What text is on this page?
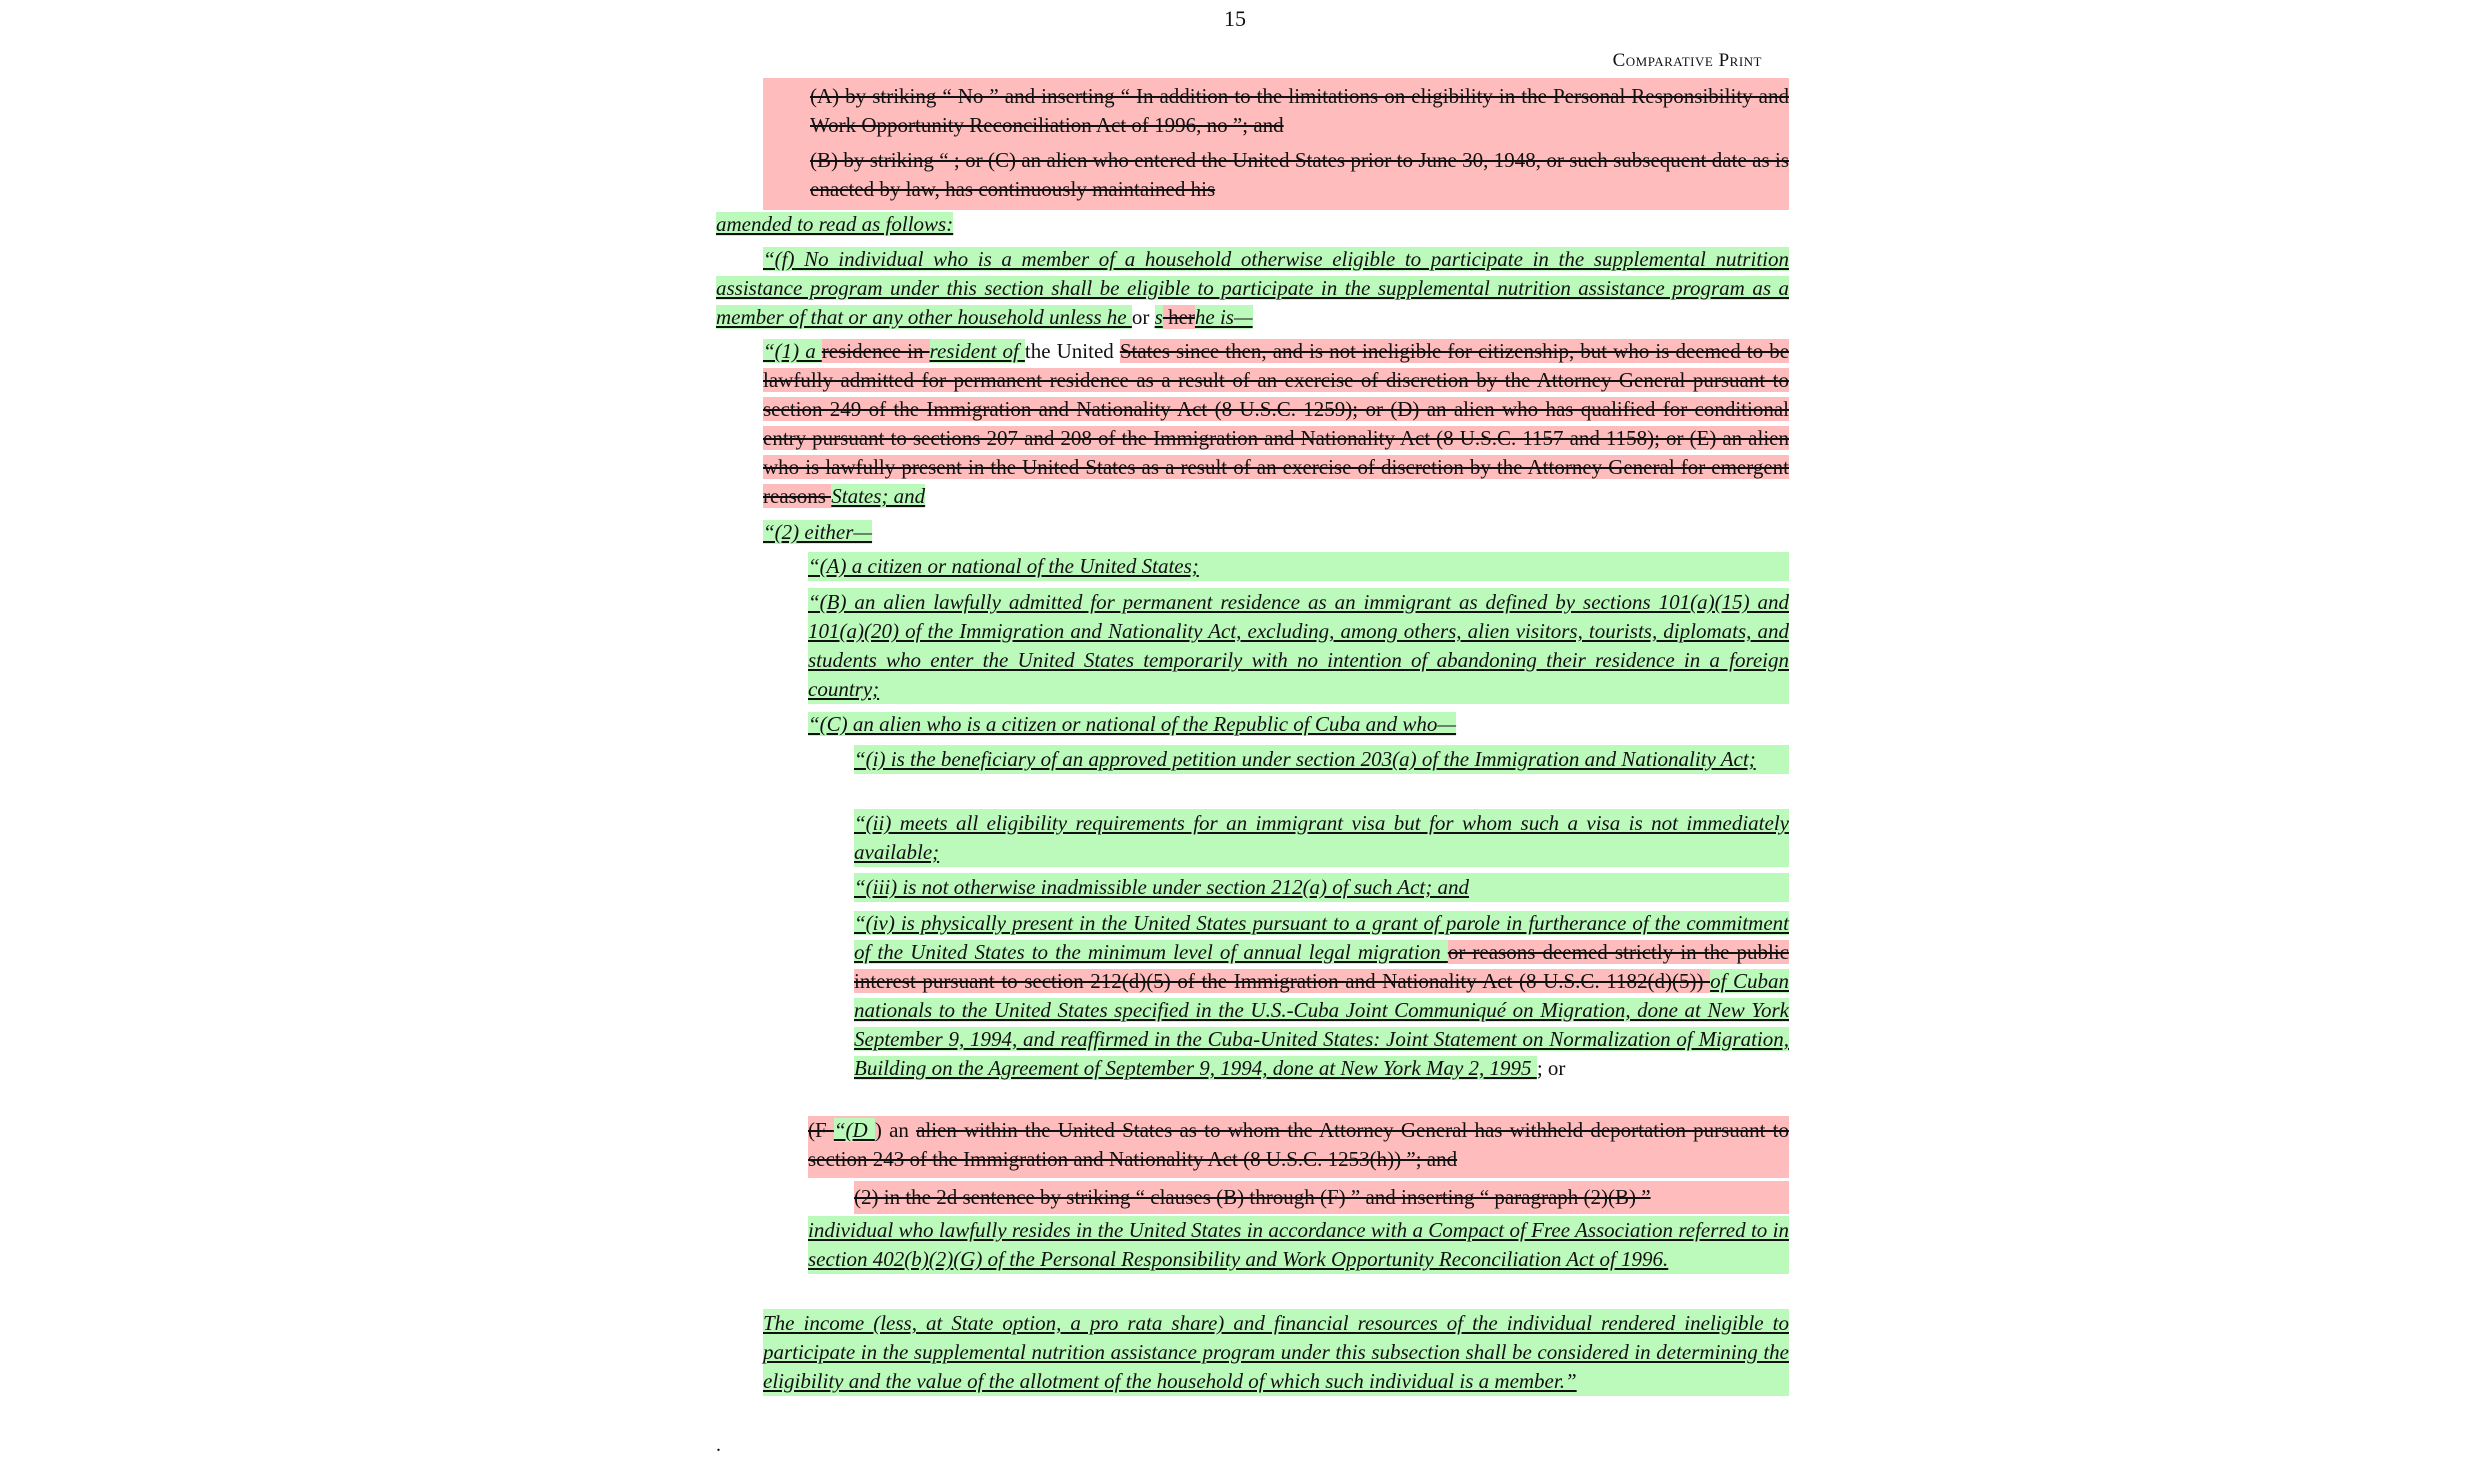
15
Comparative Print

(A) by striking “ No ” and inserting “ In addition to the limitations on eligibility in the Personal Responsibility and Work Opportunity Reconciliation Act of 1996, no ”; and

(B) by striking “ ; or (C) an alien who entered the United States prior to June 30, 1948, or such subsequent date as is enacted by law, has continuously maintained his

amended to read as follows:

“(f) No individual who is a member of a household otherwise eligible to participate in the supplemental nutrition assistance program under this section shall be eligible to participate in the supplemental nutrition assistance program as a member of that or any other household unless he or s herhe is—

“(1) a residence in resident of the United States since then, and is not ineligible for citizenship, but who is deemed to be lawfully admitted for permanent residence as a result of an exercise of discretion by the Attorney General pursuant to section 249 of the Immigration and Nationality Act (8 U.S.C. 1259); or (D) an alien who has qualified for conditional entry pursuant to sections 207 and 208 of the Immigration and Nationality Act (8 U.S.C. 1157 and 1158); or (E) an alien who is lawfully present in the United States as a result of an exercise of discretion by the Attorney General for emergent reasons States; and

“(2) either—

“(A) a citizen or national of the United States;

“(B) an alien lawfully admitted for permanent residence as an immigrant as defined by sections 101(a)(15) and 101(a)(20) of the Immigration and Nationality Act, excluding, among others, alien visitors, tourists, diplomats, and students who enter the United States temporarily with no intention of abandoning their residence in a foreign country;

“(C) an alien who is a citizen or national of the Republic of Cuba and who—

“(i) is the beneficiary of an approved petition under section 203(a) of the Immigration and Nationality Act;

“(ii) meets all eligibility requirements for an immigrant visa but for whom such a visa is not immediately available;

“(iii) is not otherwise inadmissible under section 212(a) of such Act; and

“(iv) is physically present in the United States pursuant to a grant of parole in furtherance of the commitment of the United States to the minimum level of annual legal migration or reasons deemed strictly in the public interest pursuant to section 212(d)(5) of the Immigration and Nationality Act (8 U.S.C. 1182(d)(5)) of Cuban nationals to the United States specified in the U.S.-Cuba Joint Communiqué on Migration, done at New York September 9, 1994, and reaffirmed in the Cuba-United States: Joint Statement on Normalization of Migration, Building on the Agreement of September 9, 1994, done at New York May 2, 1995 ; or

(F “(D ) an alien within the United States as to whom the Attorney General has withheld deportation pursuant to section 243 of the Immigration and Nationality Act (8 U.S.C. 1253(h)) ”; and

(2) in the 2d sentence by striking “ clauses (B) through (F) ” and inserting “ paragraph (2)(B) ”

individual who lawfully resides in the United States in accordance with a Compact of Free Association referred to in section 402(b)(2)(G) of the Personal Responsibility and Work Opportunity Reconciliation Act of 1996.

The income (less, at State option, a pro rata share) and financial resources of the individual rendered ineligible to participate in the supplemental nutrition assistance program under this subsection shall be considered in determining the eligibility and the value of the allotment of the household of which such individual is a member.”

.
